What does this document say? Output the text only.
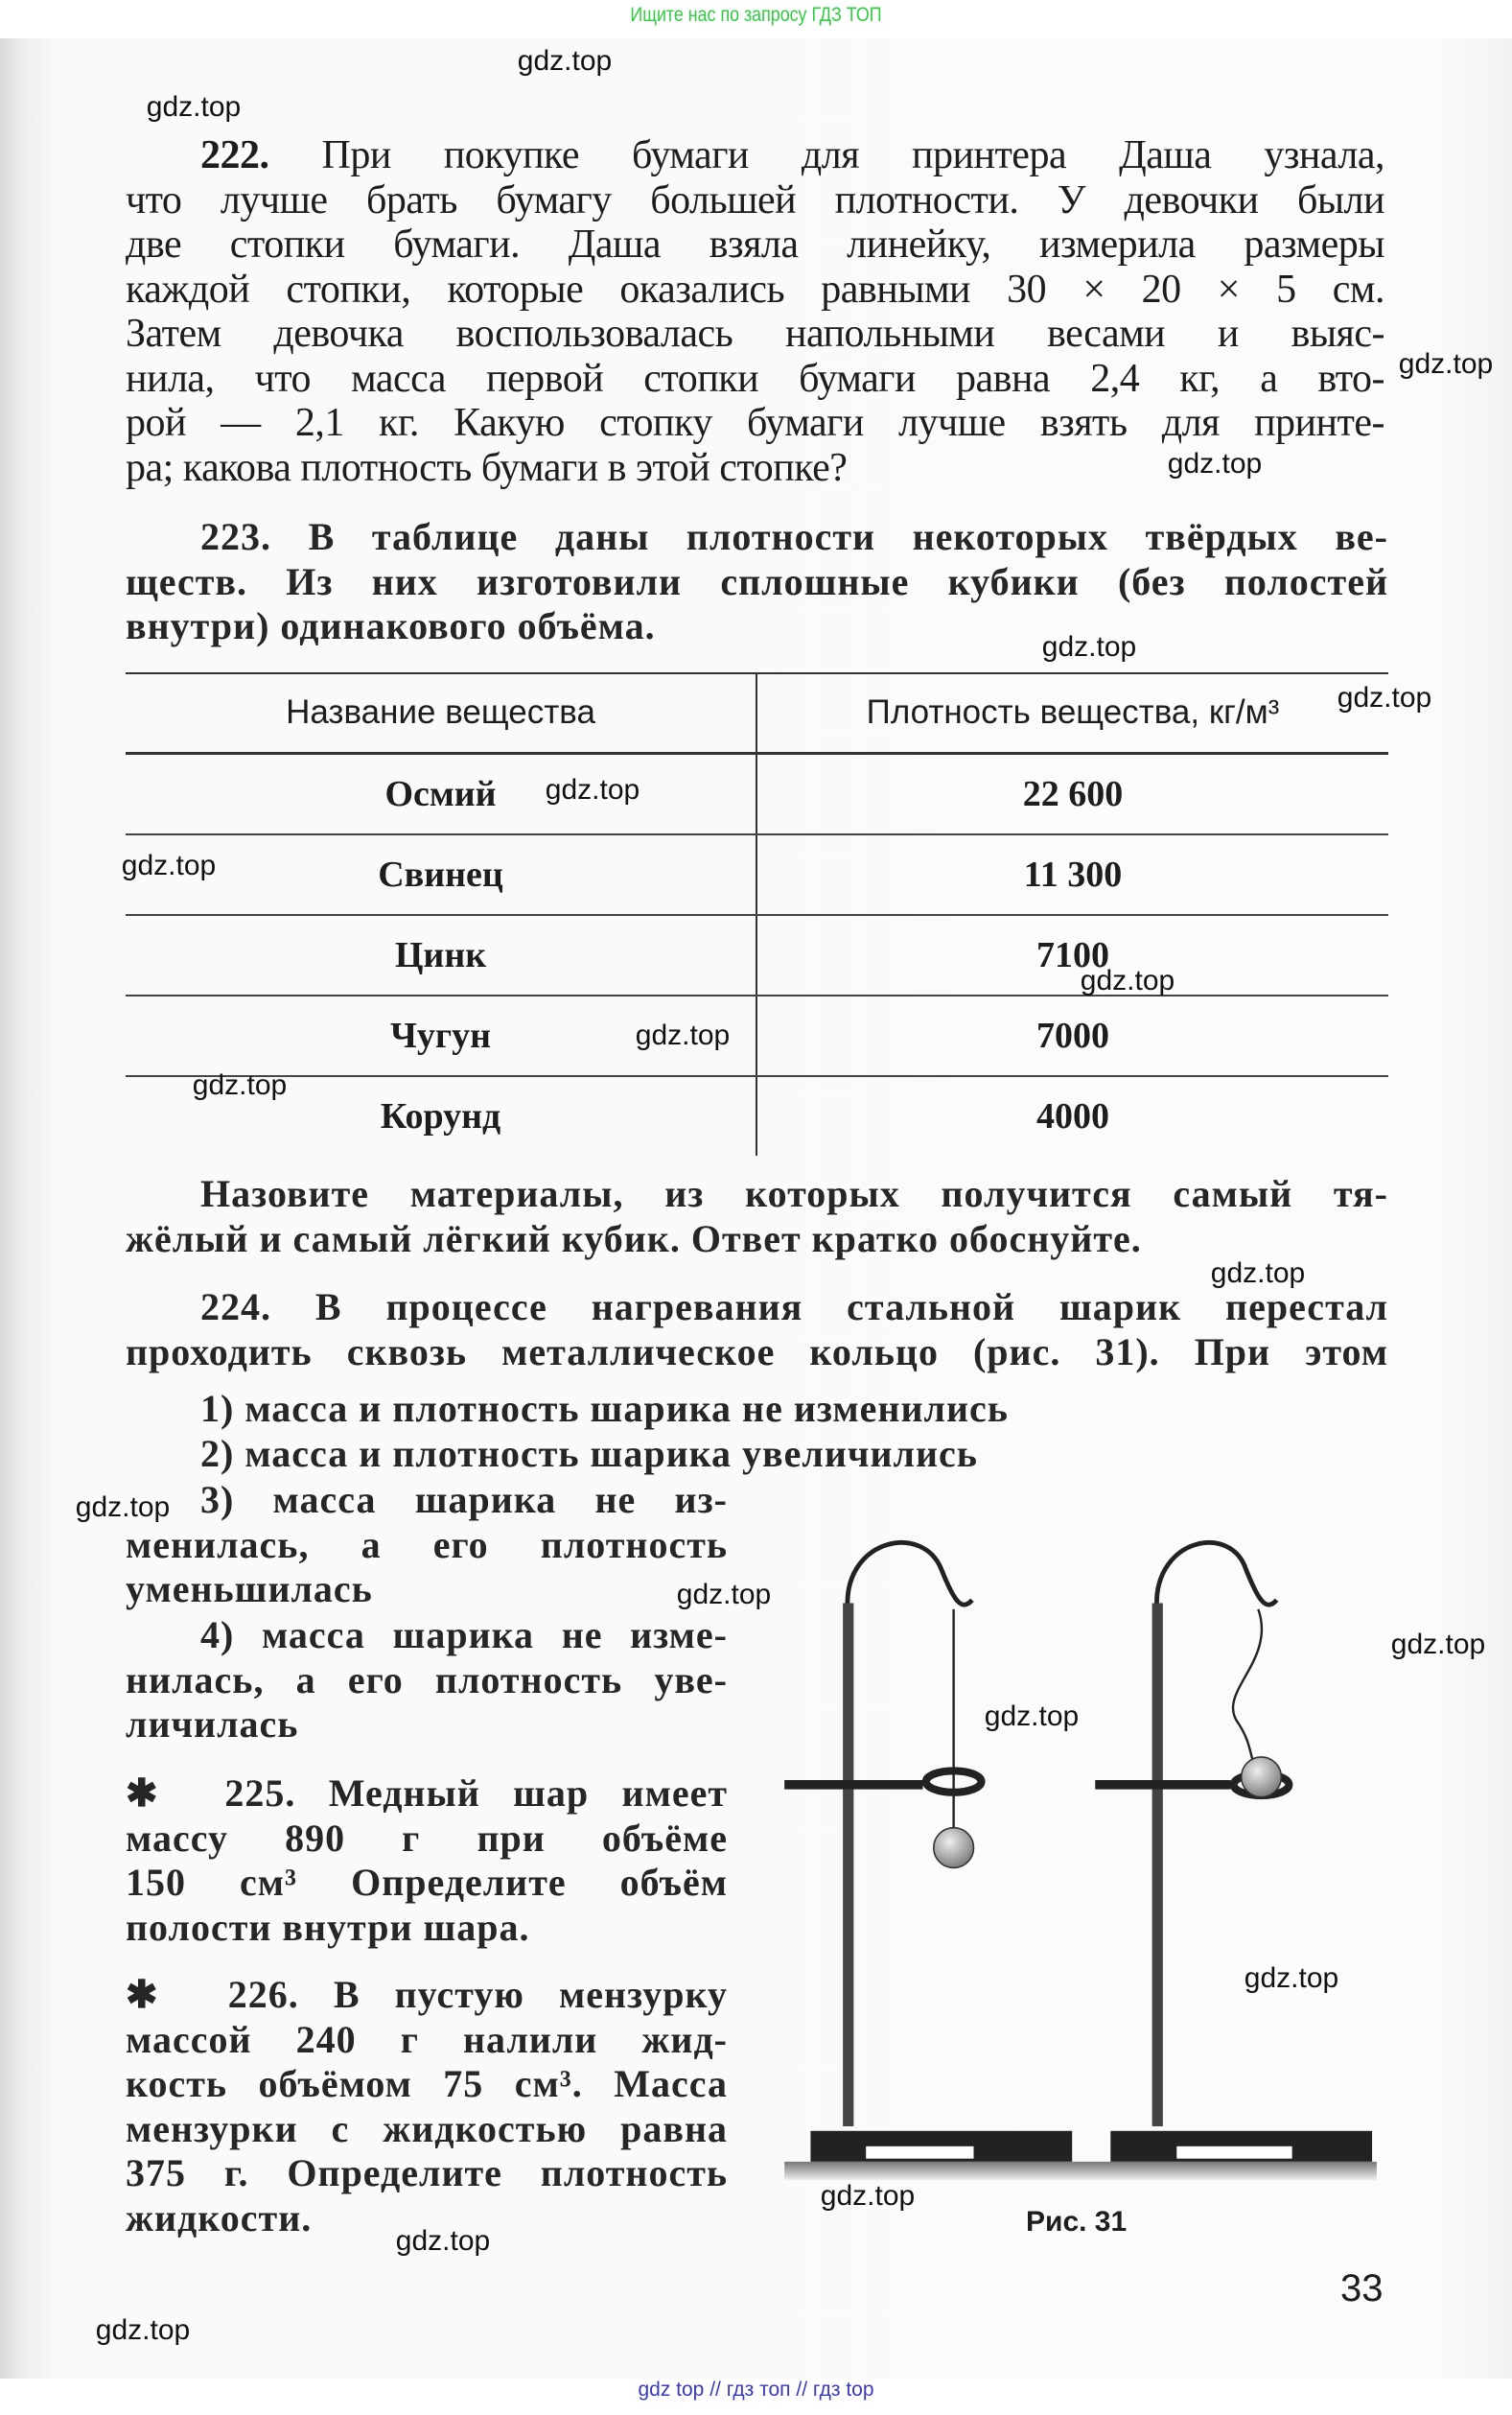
Ищите нас по запросу ГДЗ ТОП
222. При покупке бумаги для принтера Даша узнала,
что лучше брать бумагу большей плотности. У девочки были
две стопки бумаги. Даша взяла линейку, измерила размеры
каждой стопки, которые оказались равными 30 × 20 × 5 см.
Затем девочка воспользовалась напольными весами и выяс-
нила, что масса первой стопки бумаги равна 2,4 кг, а вто-
рой — 2,1 кг. Какую стопку бумаги лучше взять для принте-
ра; какова плотность бумаги в этой стопке?
223. В таблице даны плотности некоторых твёрдых ве-
ществ. Из них изготовили сплошные кубики (без полостей
внутри) одинакового объёма.
Название вещества	Плотность вещества, кг/м³
Осмий	22 600
Свинец	11 300
Цинк	7100
Чугун	7000
Корунд	4000
Назовите материалы, из которых получится самый тя-
жёлый и самый лёгкий кубик. Ответ кратко обоснуйте.
224. В процессе нагревания стальной шарик перестал
проходить сквозь металлическое кольцо (рис. 31). При этом
1) масса и плотность шарика не изменились
2) масса и плотность шарика увеличились
3) масса шарика не из-
менилась, а его плотность
уменьшилась
4) масса шарика не изме-
нилась, а его плотность уве-
личилась
✱ 225. Медный шар имеет
массу 890 г при объёме
150 см³ Определите объём
полости внутри шара.
✱ 226. В пустую мензурку
массой 240 г налили жид-
кость объёмом 75 см³. Масса
мензурки с жидкостью равна
375 г. Определите плотность
жидкости.	Рис. 31
33
gdz.top
gdz.top
gdz.top
gdz.top
gdz.top
gdz.top
gdz.top
gdz.top
gdz.top
gdz.top
gdz.top
gdz.top
gdz.top
gdz.top
gdz.top
gdz.top
gdz.top
gdz.top
gdz.top
gdz.top
gdz top // гдз топ // гдз top
